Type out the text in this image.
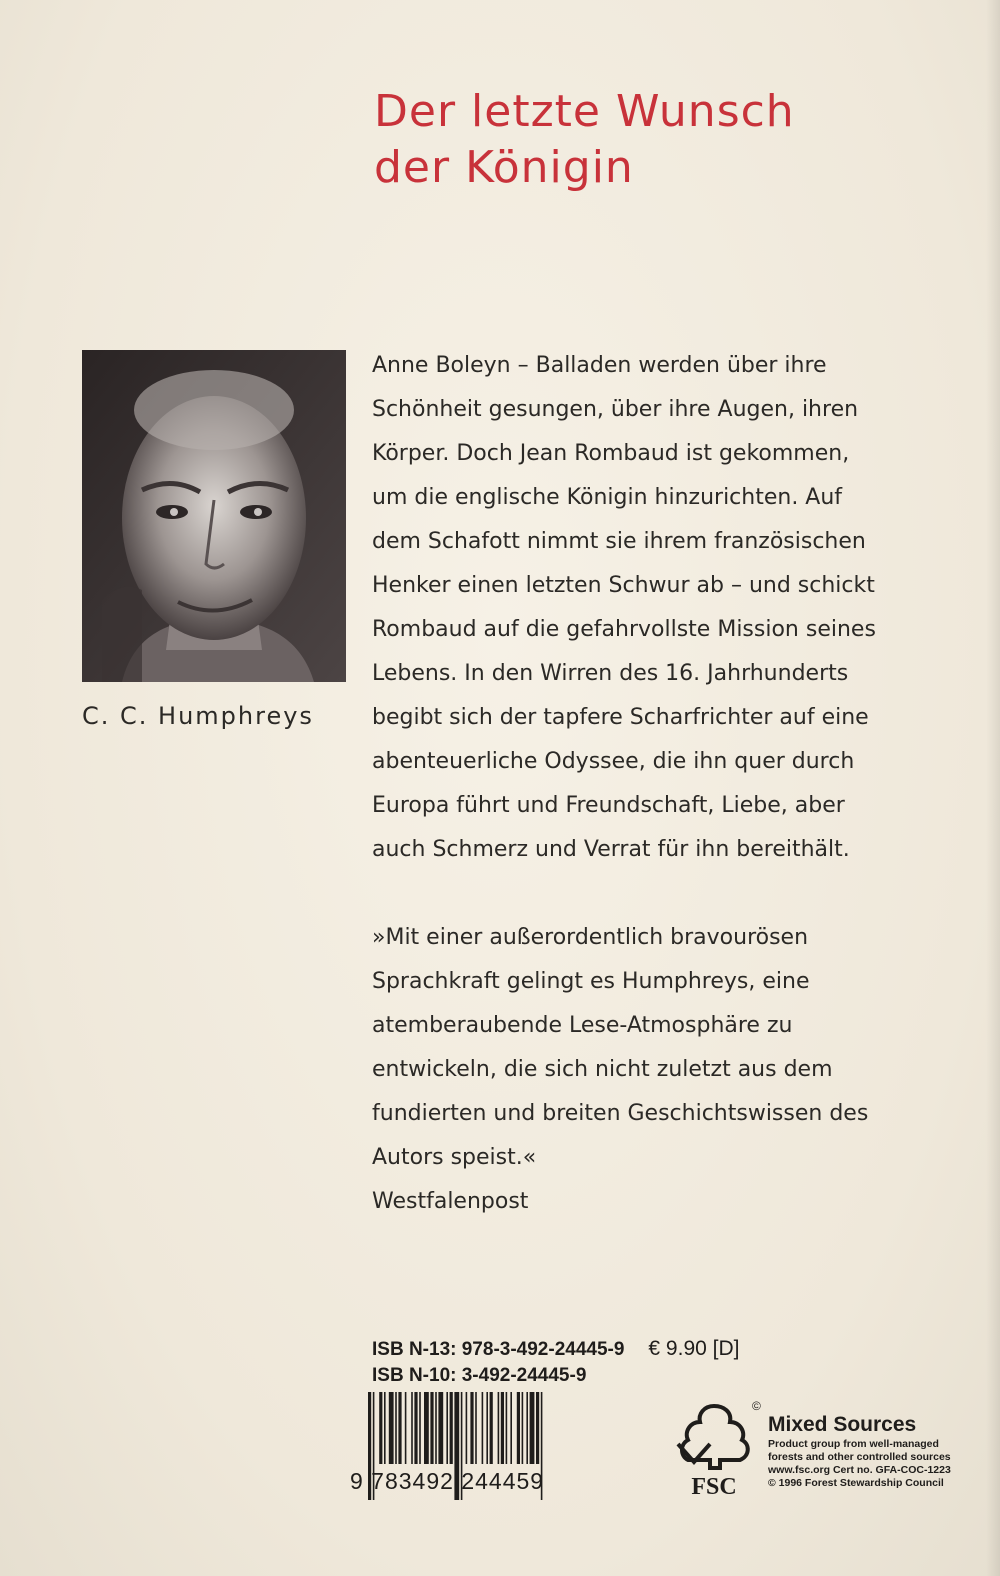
Der letzte Wunsch
der Königin
C. C. Humphreys
Anne Boleyn – Balladen werden über ihre
Schönheit gesungen, über ihre Augen, ihren
Körper. Doch Jean Rombaud ist gekommen,
um die englische Königin hinzurichten. Auf
dem Schafott nimmt sie ihrem französischen
Henker einen letzten Schwur ab – und schickt
Rombaud auf die gefahrvollste Mission seines
Lebens. In den Wirren des 16. Jahrhunderts
begibt sich der tapfere Scharfrichter auf eine
abenteuerliche Odyssee, die ihn quer durch
Europa führt und Freundschaft, Liebe, aber
auch Schmerz und Verrat für ihn bereithält.
»Mit einer außerordentlich bravourösen
Sprachkraft gelingt es Humphreys, eine
atemberaubende Lese-Atmosphäre zu
entwickeln, die sich nicht zuletzt aus dem
fundierten und breiten Geschichtswissen des
Autors speist.«
Westfalenpost
ISB N-13: 978-3-492-24445-9 € 9.90 [D]
ISB N-10: 3-492-24445-9
9 783492 244459
©
FSC
Mixed Sources
Product group from well-managed
forests and other controlled sources
www.fsc.org Cert no. GFA-COC-1223
© 1996 Forest Stewardship Council
